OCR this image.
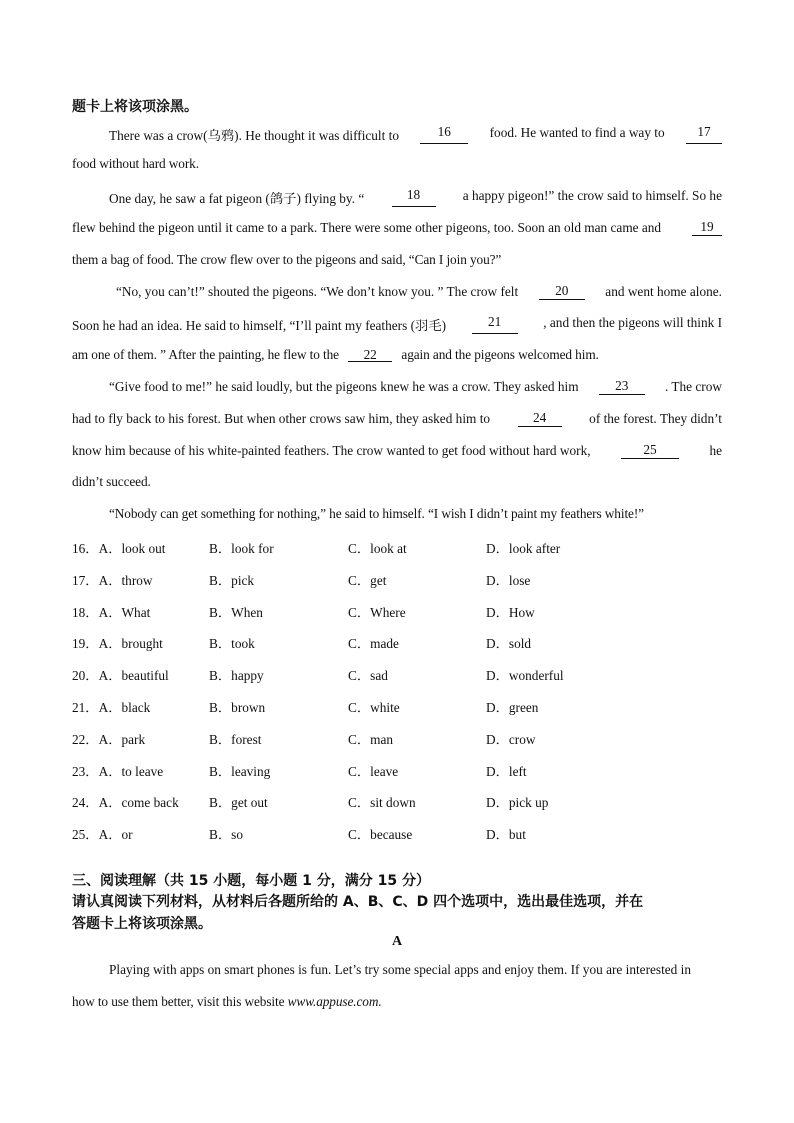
题卡上将该项涂黑。
There was a crow(乌鸦). He thought it was difficult to	16	food. He wanted to find a way to	17
food without hard work.
One day, he saw a fat pigeon (鸽子) flying by. “	18	a happy pigeon!” the crow said to himself. So he
flew behind the pigeon until it came to a park. There were some other pigeons, too. Soon an old man came and	19
them a bag of food. The crow flew over to the pigeons and said, “Can I join you?”
“No, you can’t!” shouted the pigeons. “We don’t know you. ” The crow felt	20	and went home alone.
Soon he had an idea. He said to himself, “I’ll paint my feathers (羽毛)	21	, and then the pigeons will think I
am one of them. ” After the painting, he flew to the 22 again and the pigeons welcomed him.
“Give food to me!” he said loudly, but the pigeons knew he was a crow. They asked him	23	. The crow
had to fly back to his forest. But when other crows saw him, they asked him to	24	of the forest. They didn’t
know him because of his white-painted feathers. The crow wanted to get food without hard work,	25	he
didn’t succeed.
“Nobody can get something for nothing,” he said to himself. “I wish I didn’t paint my feathers white!”
16．A．look out	B．look for	C．look at	D．look after
17．A．throw	B．pick	C．get	D．lose
18．A．What	B．When	C．Where	D．How
19．A．brought	B．took	C．made	D．sold
20．A．beautiful	B．happy	C．sad	D．wonderful
21．A．black	B．brown	C．white	D．green
22．A．park	B．forest	C．man	D．crow
23．A．to leave	B．leaving	C．leave	D．left
24．A．come back B．get out	C．sit down	D．pick up
25．A．or	B．so	C．because	D．but
三、阅读理解（共 15 小题，每小题 1 分，满分 15 分）
请认真阅读下列材料，从材料后各题所给的 A、B、C、D 四个选项中，选出最佳选项，并在
答题卡上将该项涂黑。
A
Playing with apps on smart phones is fun. Let’s try some special apps and enjoy them. If you are interested in
how to use them better, visit this website www.appuse.com.
